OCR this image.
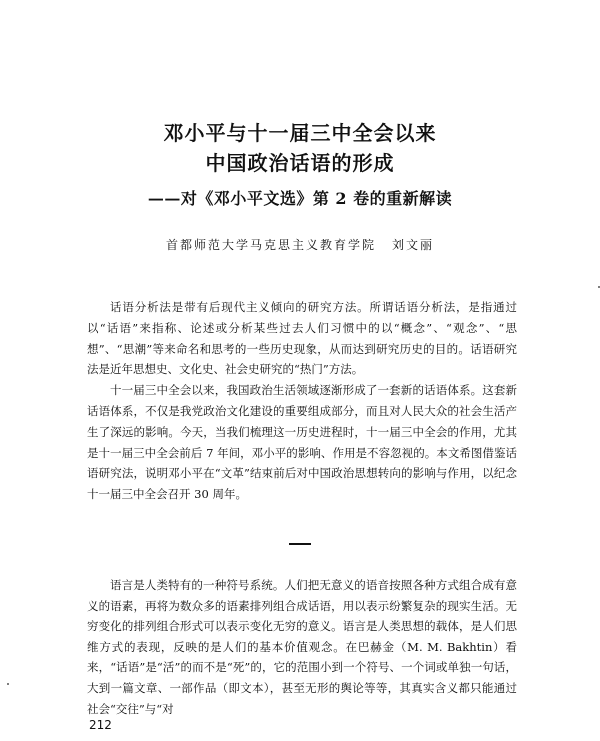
邓小平与十一届三中全会以来
中国政治话语的形成
——对《邓小平文选》第 2 卷的重新解读
首都师范大学马克思主义教育学院 刘文丽

话语分析法是带有后现代主义倾向的研究方法。所谓话语分析法，是指通过以“话语”来指称、论述或分析某些过去人们习惯中的以“概念”、“观念”、“思想”、“思潮”等来命名和思考的一些历史现象，从而达到研究历史的目的。话语研究法是近年思想史、文化史、社会史研究的“热门”方法。

十一届三中全会以来，我国政治生活领域逐渐形成了一套新的话语体系。这套新话语体系，不仅是我党政治文化建设的重要组成部分，而且对人民大众的社会生活产生了深远的影响。今天，当我们梳理这一历史进程时，十一届三中全会的作用，尤其是十一届三中全会前后 7 年间，邓小平的影响、作用是不容忽视的。本文希图借鉴话语研究法，说明邓小平在“文革”结束前后对中国政治思想转向的影响与作用，以纪念十一届三中全会召开 30 周年。

语言是人类特有的一种符号系统。人们把无意义的语音按照各种方式组合成有意义的语素，再将为数众多的语素排列组合成话语，用以表示纷繁复杂的现实生活。无穷变化的排列组合形式可以表示变化无穷的意义。语言是人类思想的载体，是人们思维方式的表现，反映的是人们的基本价值观念。在巴赫金（M. M. Bakhtin）看来，“话语”是“活”的而不是“死”的，它的范围小到一个符号、一个词或单独一句话，大到一篇文章、一部作品（即文本），甚至无形的舆论等等，其真实含义都只能通过社会“交往”与“对

212
